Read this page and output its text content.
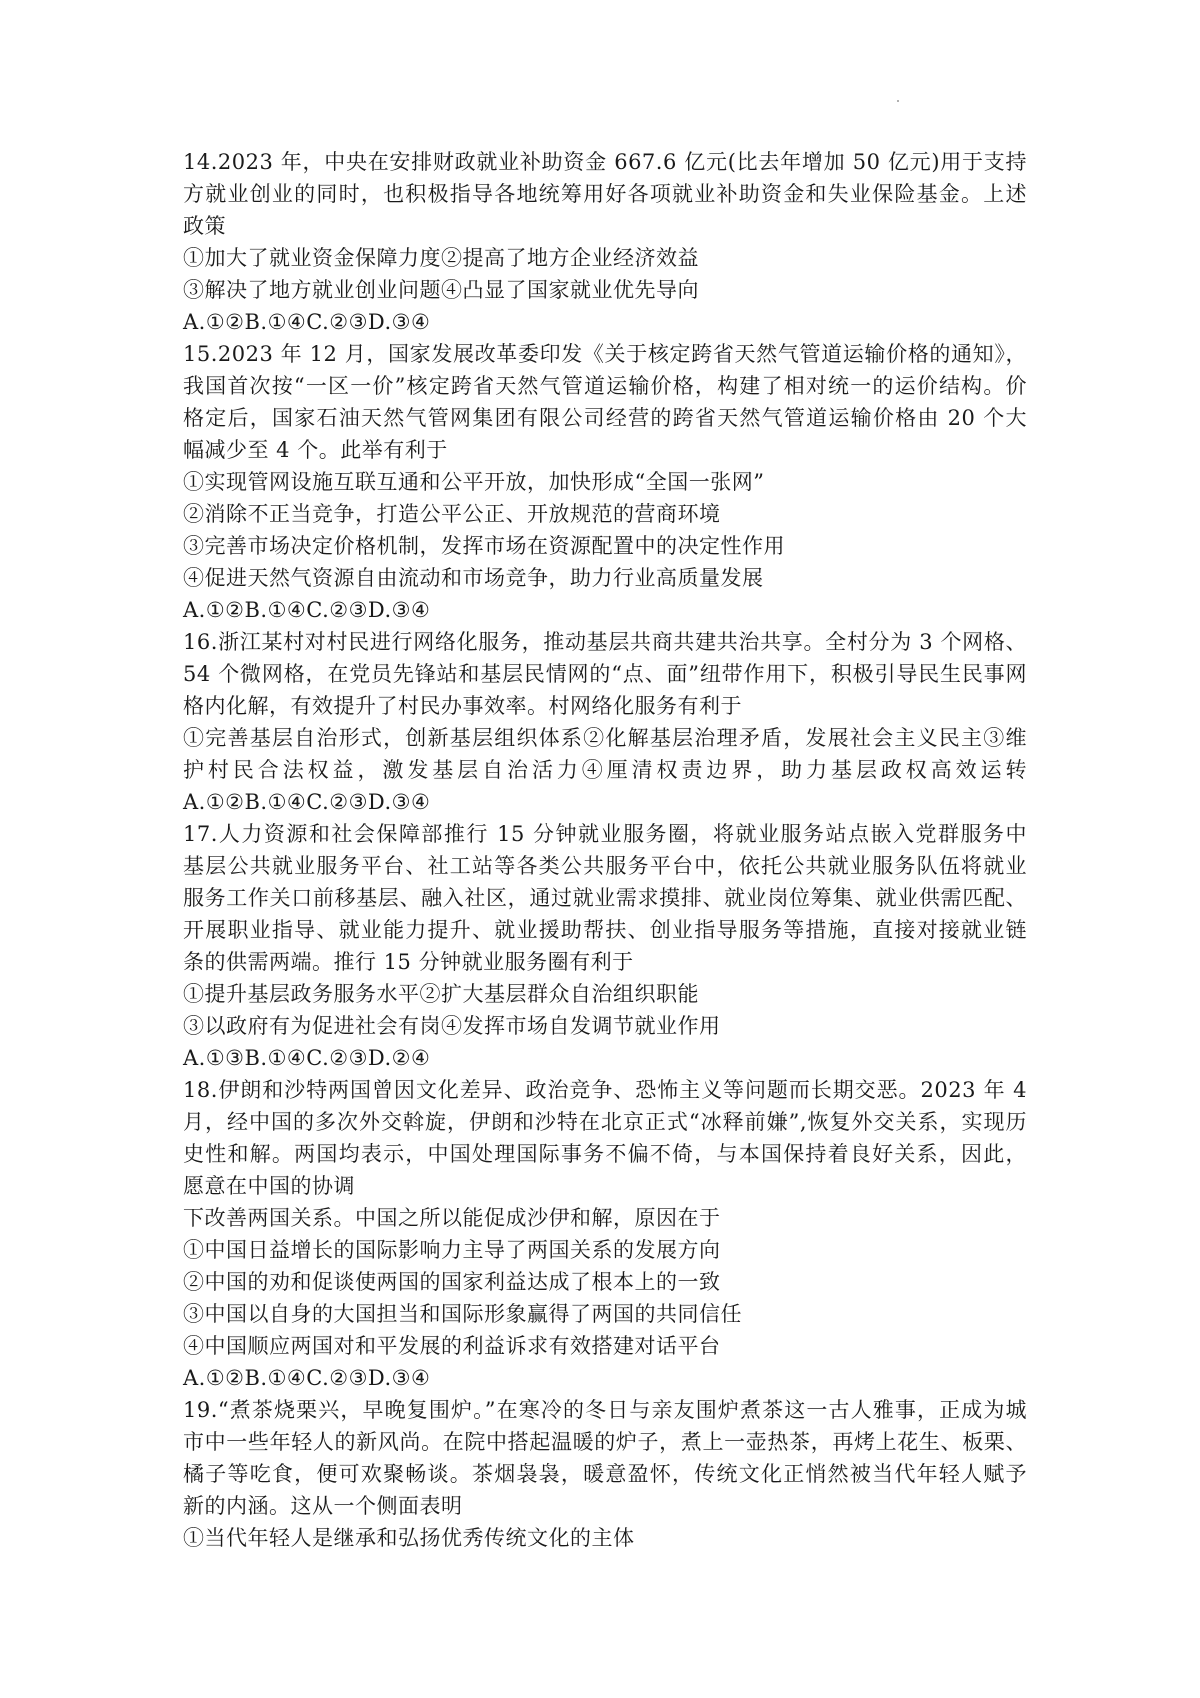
14.2023 年，中央在安排财政就业补助资金 667.6 亿元(比去年增加 50 亿元)用于支持
方就业创业的同时，也积极指导各地统筹用好各项就业补助资金和失业保险基金。上述
政策
①加大了就业资金保障力度②提高了地方企业经济效益
③解决了地方就业创业问题④凸显了国家就业优先导向
A.①②B.①④C.②③D.③④
15.2023 年 12 月，国家发展改革委印发《关于核定跨省天然气管道运输价格的通知》，
我国首次按“一区一价”核定跨省天然气管道运输价格，构建了相对统一的运价结构。价
格定后，国家石油天然气管网集团有限公司经营的跨省天然气管道运输价格由 20 个大
幅减少至 4 个。此举有利于
①实现管网设施互联互通和公平开放，加快形成“全国一张网”
②消除不正当竞争，打造公平公正、开放规范的营商环境
③完善市场决定价格机制，发挥市场在资源配置中的决定性作用
④促进天然气资源自由流动和市场竞争，助力行业高质量发展
A.①②B.①④C.②③D.③④
16.浙江某村对村民进行网络化服务，推动基层共商共建共治共享。全村分为 3 个网格、
54 个微网格，在党员先锋站和基层民情网的“点、面”纽带作用下，积极引导民生民事网
格内化解，有效提升了村民办事效率。村网络化服务有利于
①完善基层自治形式，创新基层组织体系②化解基层治理矛盾，发展社会主义民主③维
护村民合法权益，激发基层自治活力④厘清权责边界，助力基层政权高效运转
A.①②B.①④C.②③D.③④
17.人力资源和社会保障部推行 15 分钟就业服务圈，将就业服务站点嵌入党群服务中
基层公共就业服务平台、社工站等各类公共服务平台中，依托公共就业服务队伍将就业
服务工作关口前移基层、融入社区，通过就业需求摸排、就业岗位筹集、就业供需匹配、
开展职业指导、就业能力提升、就业援助帮扶、创业指导服务等措施，直接对接就业链
条的供需两端。推行 15 分钟就业服务圈有利于
①提升基层政务服务水平②扩大基层群众自治组织职能
③以政府有为促进社会有岗④发挥市场自发调节就业作用
A.①③B.①④C.②③D.②④
18.伊朗和沙特两国曾因文化差异、政治竞争、恐怖主义等问题而长期交恶。2023 年 4
月，经中国的多次外交斡旋，伊朗和沙特在北京正式“冰释前嫌”,恢复外交关系，实现历
史性和解。两国均表示，中国处理国际事务不偏不倚，与本国保持着良好关系，因此，
愿意在中国的协调
下改善两国关系。中国之所以能促成沙伊和解，原因在于
①中国日益增长的国际影响力主导了两国关系的发展方向
②中国的劝和促谈使两国的国家利益达成了根本上的一致
③中国以自身的大国担当和国际形象赢得了两国的共同信任
④中国顺应两国对和平发展的利益诉求有效搭建对话平台
A.①②B.①④C.②③D.③④
19.“煮茶烧栗兴，早晚复围炉。”在寒冷的冬日与亲友围炉煮茶这一古人雅事，正成为城
市中一些年轻人的新风尚。在院中搭起温暖的炉子，煮上一壶热茶，再烤上花生、板栗、
橘子等吃食，便可欢聚畅谈。茶烟袅袅，暖意盈怀，传统文化正悄然被当代年轻人赋予
新的内涵。这从一个侧面表明
①当代年轻人是继承和弘扬优秀传统文化的主体
